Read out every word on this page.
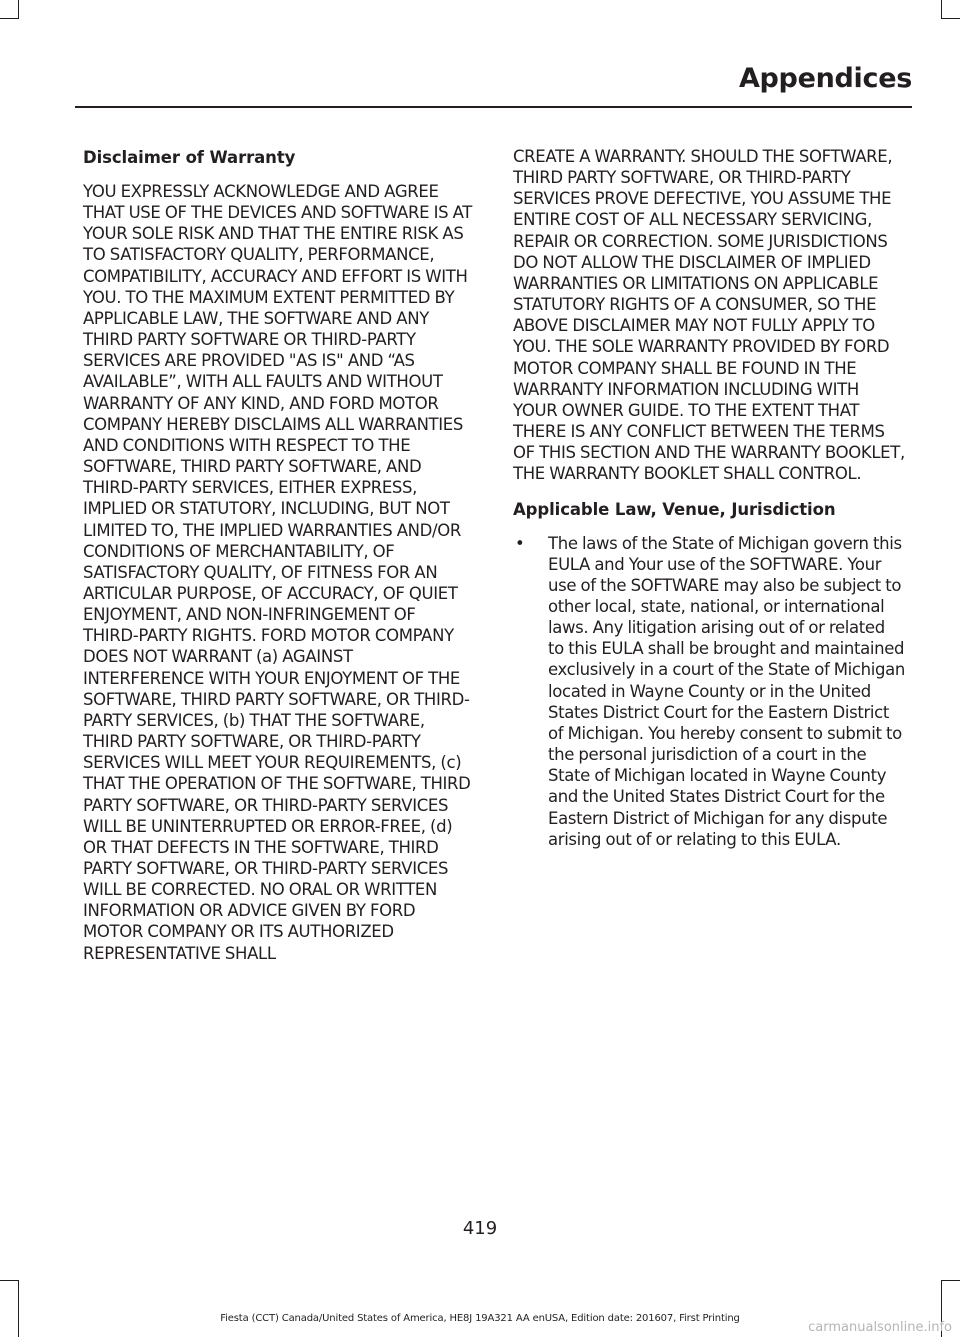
Appendices
Disclaimer of Warranty

YOU EXPRESSLY ACKNOWLEDGE AND AGREE THAT USE OF THE DEVICES AND SOFTWARE IS AT YOUR SOLE RISK AND THAT THE ENTIRE RISK AS TO SATISFACTORY QUALITY, PERFORMANCE, COMPATIBILITY, ACCURACY AND EFFORT IS WITH YOU. TO THE MAXIMUM EXTENT PERMITTED BY APPLICABLE LAW, THE SOFTWARE AND ANY THIRD PARTY SOFTWARE OR THIRD-PARTY SERVICES ARE PROVIDED "AS IS" AND “AS AVAILABLE”, WITH ALL FAULTS AND WITHOUT WARRANTY OF ANY KIND, AND FORD MOTOR COMPANY HEREBY DISCLAIMS ALL WARRANTIES AND CONDITIONS WITH RESPECT TO THE SOFTWARE, THIRD PARTY SOFTWARE, AND THIRD-PARTY SERVICES, EITHER EXPRESS, IMPLIED OR STATUTORY, INCLUDING, BUT NOT LIMITED TO, THE IMPLIED WARRANTIES AND/OR CONDITIONS OF MERCHANTABILITY, OF SATISFACTORY QUALITY, OF FITNESS FOR AN ARTICULAR PURPOSE, OF ACCURACY, OF QUIET ENJOYMENT, AND NON-INFRINGEMENT OF THIRD-PARTY RIGHTS. FORD MOTOR COMPANY DOES NOT WARRANT (a) AGAINST INTERFERENCE WITH YOUR ENJOYMENT OF THE SOFTWARE, THIRD PARTY SOFTWARE, OR THIRD-PARTY SERVICES, (b) THAT THE SOFTWARE, THIRD PARTY SOFTWARE, OR THIRD-PARTY SERVICES WILL MEET YOUR REQUIREMENTS, (c) THAT THE OPERATION OF THE SOFTWARE, THIRD PARTY SOFTWARE, OR THIRD-PARTY SERVICES WILL BE UNINTERRUPTED OR ERROR-FREE, (d) OR THAT DEFECTS IN THE SOFTWARE, THIRD PARTY SOFTWARE, OR THIRD-PARTY SERVICES WILL BE CORRECTED. NO ORAL OR WRITTEN INFORMATION OR ADVICE GIVEN BY FORD MOTOR COMPANY OR ITS AUTHORIZED REPRESENTATIVE SHALL

CREATE A WARRANTY. SHOULD THE SOFTWARE, THIRD PARTY SOFTWARE, OR THIRD-PARTY SERVICES PROVE DEFECTIVE, YOU ASSUME THE ENTIRE COST OF ALL NECESSARY SERVICING, REPAIR OR CORRECTION. SOME JURISDICTIONS DO NOT ALLOW THE DISCLAIMER OF IMPLIED WARRANTIES OR LIMITATIONS ON APPLICABLE STATUTORY RIGHTS OF A CONSUMER, SO THE ABOVE DISCLAIMER MAY NOT FULLY APPLY TO YOU. THE SOLE WARRANTY PROVIDED BY FORD MOTOR COMPANY SHALL BE FOUND IN THE WARRANTY INFORMATION INCLUDING WITH YOUR OWNER GUIDE. TO THE EXTENT THAT THERE IS ANY CONFLICT BETWEEN THE TERMS OF THIS SECTION AND THE WARRANTY BOOKLET, THE WARRANTY BOOKLET SHALL CONTROL.

Applicable Law, Venue, Jurisdiction
• The laws of the State of Michigan govern this EULA and Your use of the SOFTWARE. Your use of the SOFTWARE may also be subject to other local, state, national, or international laws. Any litigation arising out of or related to this EULA shall be brought and maintained exclusively in a court of the State of Michigan located in Wayne County or in the United States District Court for the Eastern District of Michigan. You hereby consent to submit to the personal jurisdiction of a court in the State of Michigan located in Wayne County and the United States District Court for the Eastern District of Michigan for any dispute arising out of or relating to this EULA.
419
Fiesta (CCT) Canada/United States of America, HE8J 19A321 AA enUSA, Edition date: 201607, First Printing
carmanualsonline.info
